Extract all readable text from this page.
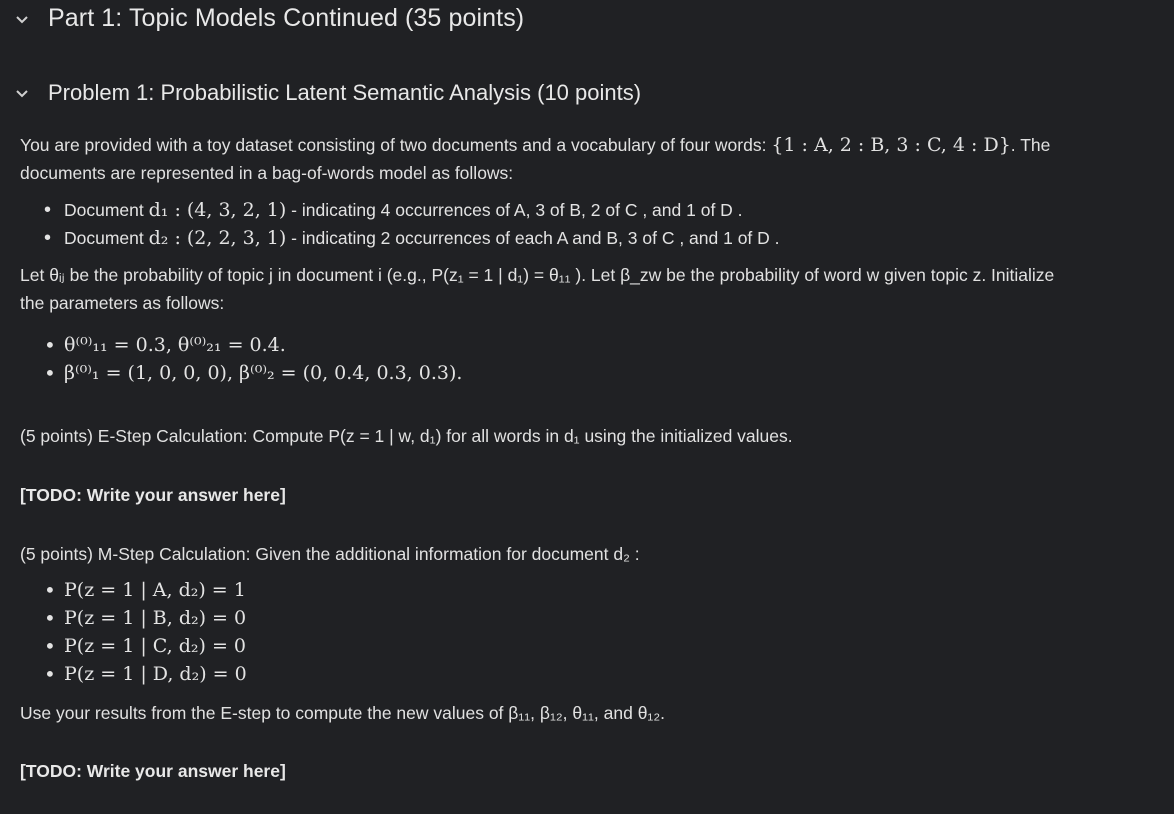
Part 1: Topic Models Continued (35 points)
Problem 1: Probabilistic Latent Semantic Analysis (10 points)
You are provided with a toy dataset consisting of two documents and a vocabulary of four words: {1 : A, 2 : B, 3 : C, 4 : D}. The
documents are represented in a bag-of-words model as follows:
• Document d₁ : (4, 3, 2, 1) - indicating 4 occurrences of A, 3 of B, 2 of C , and 1 of D .
• Document d₂ : (2, 2, 3, 1) - indicating 2 occurrences of each A and B, 3 of C , and 1 of D .
Let θᵢⱼ be the probability of topic j in document i (e.g., P(z₁ = 1 | d₁) = θ₁₁ ). Let β_zw be the probability of word w given topic z. Initialize
the parameters as follows:
• θ⁽⁰⁾₁₁ = 0.3, θ⁽⁰⁾₂₁ = 0.4.
• β⁽⁰⁾₁ = (1, 0, 0, 0), β⁽⁰⁾₂ = (0, 0.4, 0.3, 0.3).
(5 points) E-Step Calculation: Compute P(z = 1 | w, d₁) for all words in d₁ using the initialized values.
[TODO: Write your answer here]
(5 points) M-Step Calculation: Given the additional information for document d₂ :
• P(z = 1 | A, d₂) = 1
• P(z = 1 | B, d₂) = 0
• P(z = 1 | C, d₂) = 0
• P(z = 1 | D, d₂) = 0
Use your results from the E-step to compute the new values of β₁₁, β₁₂, θ₁₁, and θ₁₂.
[TODO: Write your answer here]
